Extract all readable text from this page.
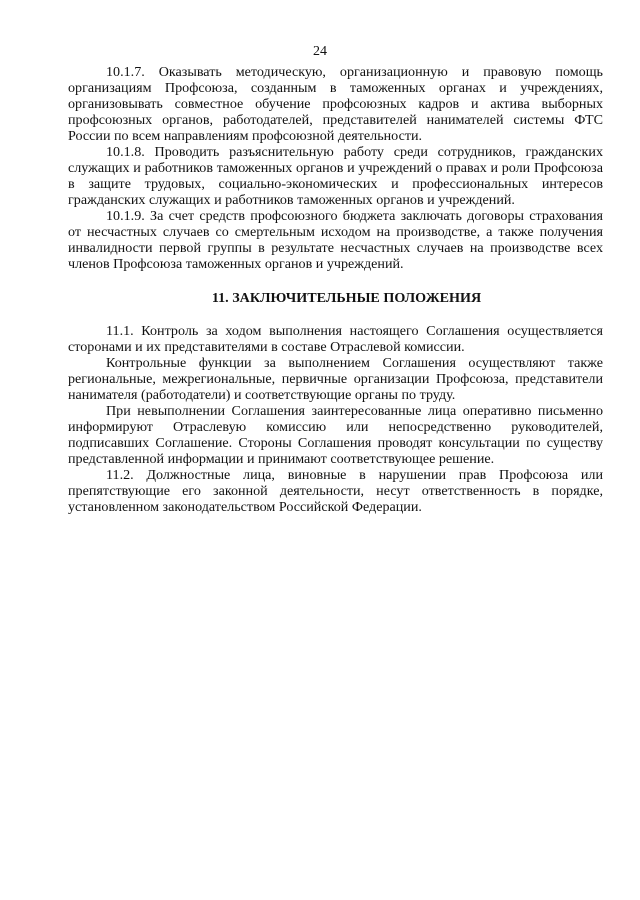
24

10.1.7. Оказывать методическую, организационную и правовую помощь организациям Профсоюза, созданным в таможенных органах и учреждениях, организовывать совместное обучение профсоюзных кадров и актива выборных профсоюзных органов, работодателей, представителей нанимателей системы ФТС России по всем направлениям профсоюзной деятельности.

10.1.8. Проводить разъяснительную работу среди сотрудников, гражданских служащих и работников таможенных органов и учреждений о правах и роли Профсоюза в защите трудовых, социально-экономических и профессиональных интересов гражданских служащих и работников таможенных органов и учреждений.

10.1.9. За счет средств профсоюзного бюджета заключать договоры страхования от несчастных случаев со смертельным исходом на производстве, а также получения инвалидности первой группы в результате несчастных случаев на производстве всех членов Профсоюза таможенных органов и учреждений.

11. ЗАКЛЮЧИТЕЛЬНЫЕ ПОЛОЖЕНИЯ

11.1. Контроль за ходом выполнения настоящего Соглашения осуществляется сторонами и их представителями в составе Отраслевой комиссии.

Контрольные функции за выполнением Соглашения осуществляют также региональные, межрегиональные, первичные организации Профсоюза, представители нанимателя (работодатели) и соответствующие органы по труду.

При невыполнении Соглашения заинтересованные лица оперативно письменно информируют Отраслевую комиссию или непосредственно руководителей, подписавших Соглашение. Стороны Соглашения проводят консультации по существу представленной информации и принимают соответствующее решение.

11.2. Должностные лица, виновные в нарушении прав Профсоюза или препятствующие его законной деятельности, несут ответственность в порядке, установленном законодательством Российской Федерации.
